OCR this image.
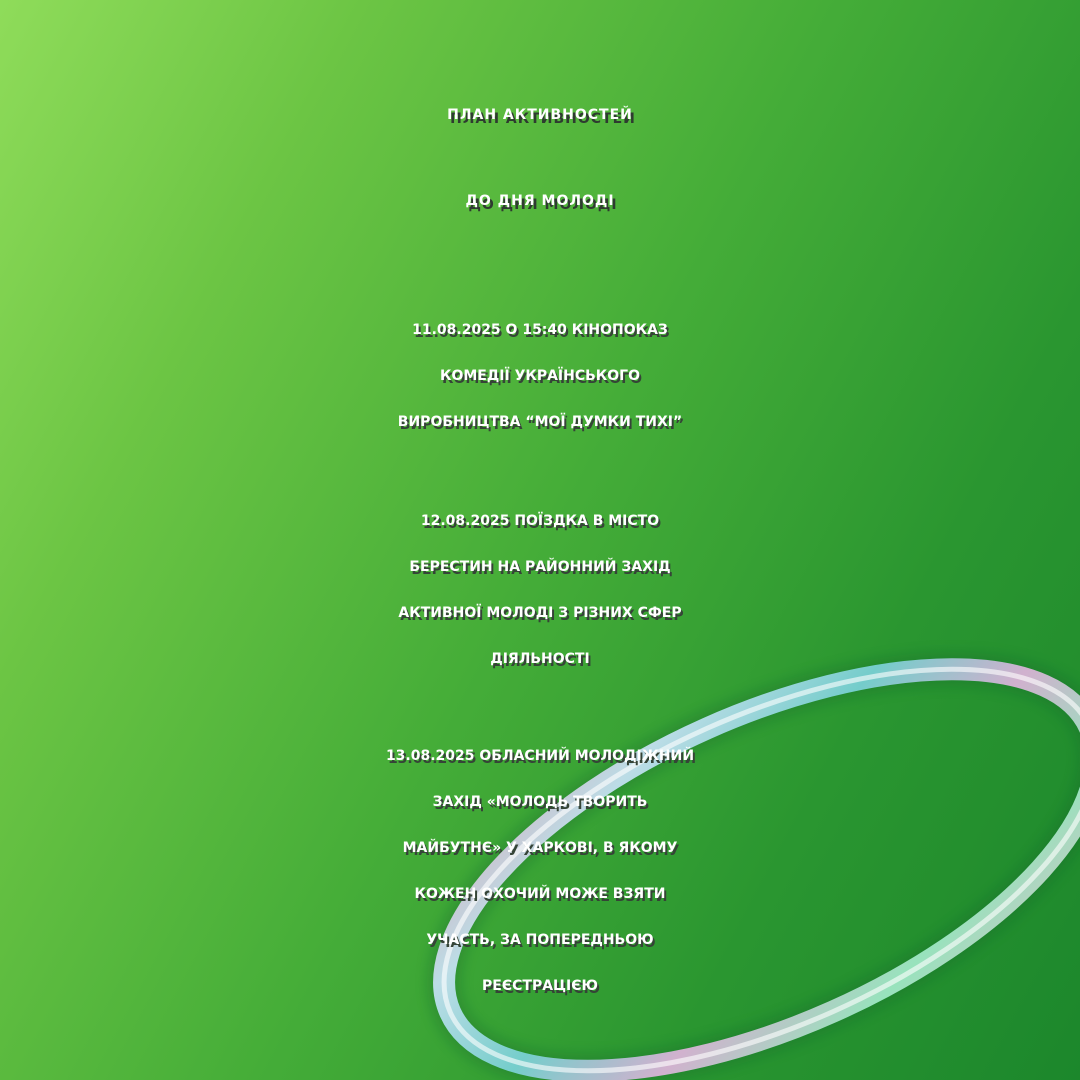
ПЛАН АКТИВНОСТЕЙ
ДО ДНЯ МОЛОДІ
11.08.2025 О 15:40 КІНОПОКАЗ
КОМЕДІЇ УКРАЇНСЬКОГО
ВИРОБНИЦТВА “МОЇ ДУМКИ ТИХІ”
12.08.2025 ПОЇЗДКА В МІСТО
БЕРЕСТИН НА РАЙОННИЙ ЗАХІД
АКТИВНОЇ МОЛОДІ З РІЗНИХ СФЕР
ДІЯЛЬНОСТІ
13.08.2025 ОБЛАСНИЙ МОЛОДІЖНИЙ
ЗАХІД «МОЛОДЬ ТВОРИТЬ
МАЙБУТНЄ» У ХАРКОВІ, В ЯКОМУ
КОЖЕН ОХОЧИЙ МОЖЕ ВЗЯТИ
УЧАСТЬ, ЗА ПОПЕРЕДНЬОЮ
РЕЄСТРАЦІЄЮ
